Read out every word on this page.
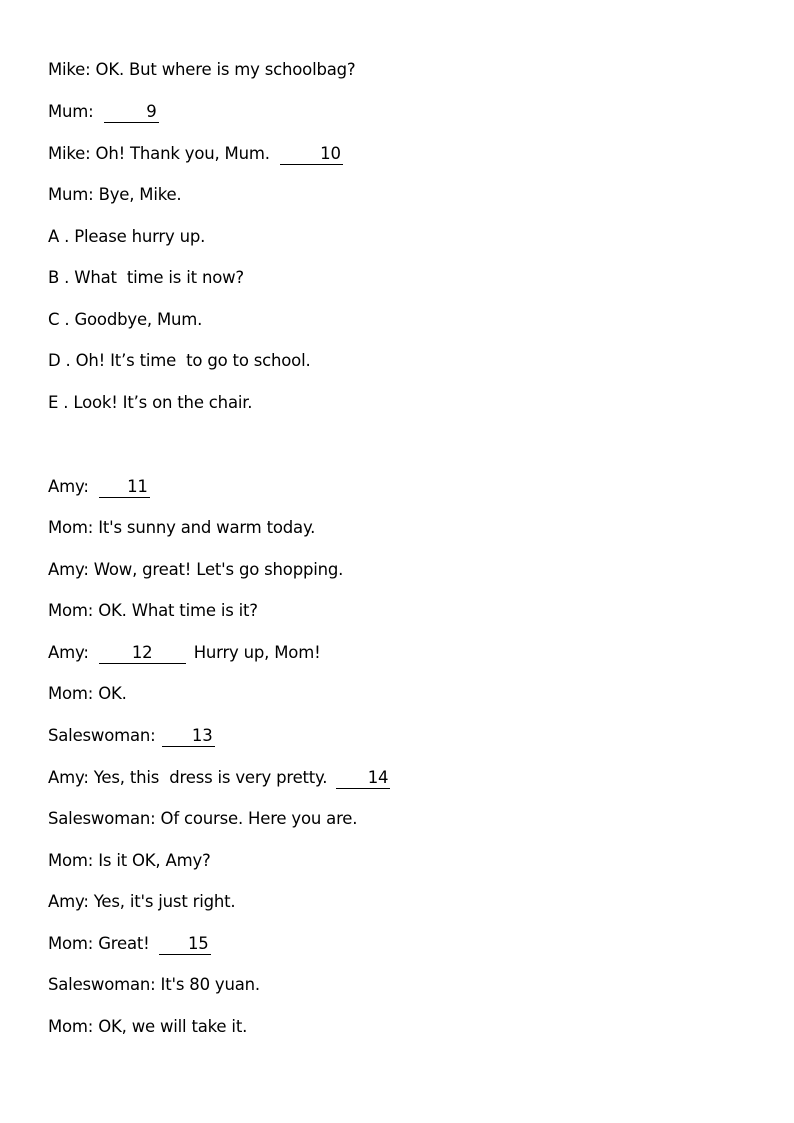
Mike: OK. But where is my schoolbag?
Mum:	9
Mike: Oh! Thank you, Mum.	10
Mum: Bye, Mike.
A . Please hurry up.
B . What  time is it now?
C . Goodbye, Mum.
D . Oh! It’s time  to go to school.
E . Look! It’s on the chair.
Amy: 11
Mom: It's sunny and warm today.
Amy: Wow, great! Let's go shopping.
Mom: OK. What time is it?
Amy:	12 Hurry up, Mom!
Mom: OK.
Saleswoman: 13
Amy: Yes, this  dress is very pretty. 14
Saleswoman: Of course. Here you are.
Mom: Is it OK, Amy?
Amy: Yes, it's just right.
Mom: Great! 15
Saleswoman: It's 80 yuan.
Mom: OK, we will take it.
